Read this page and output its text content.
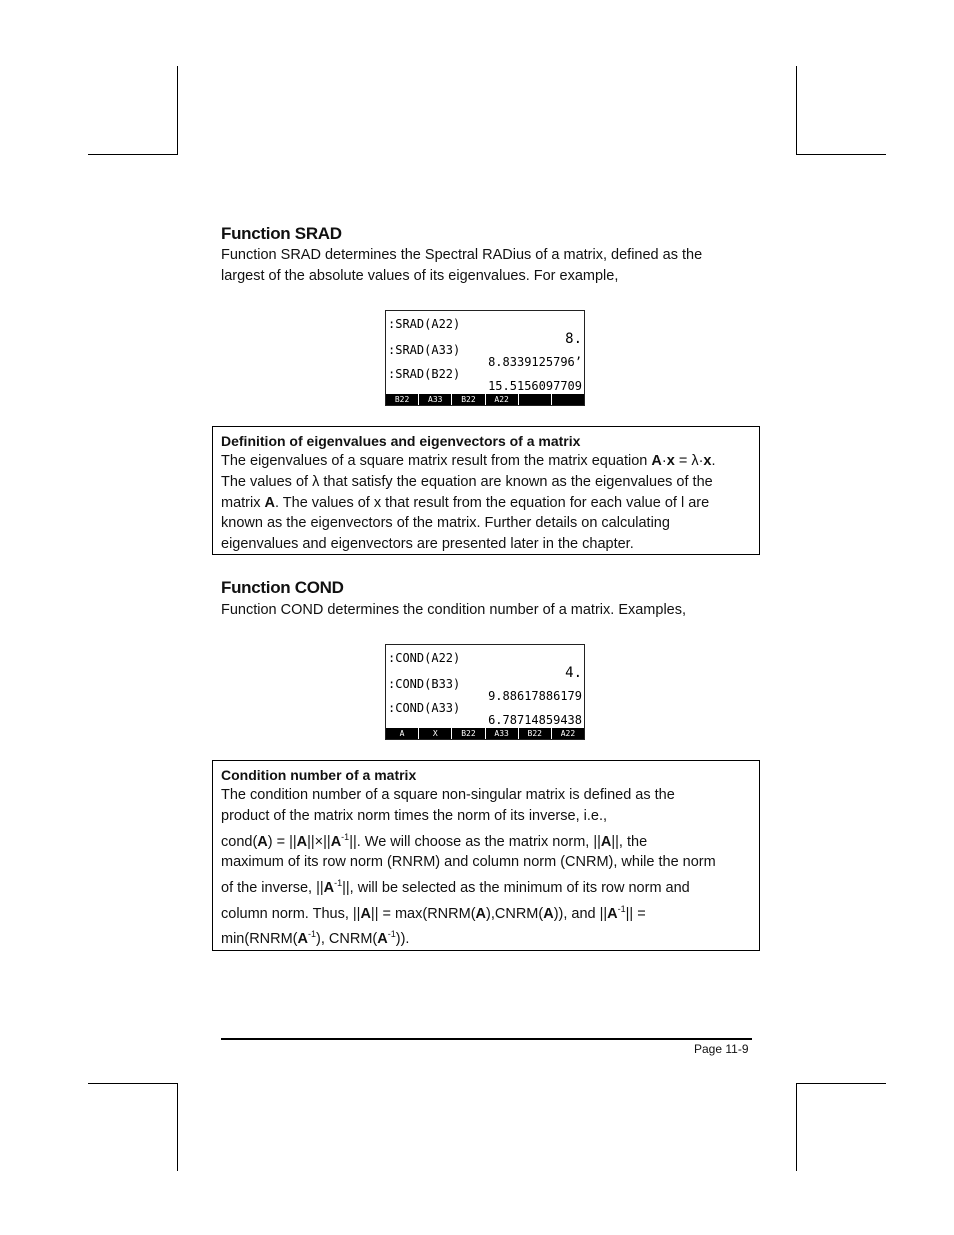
Function SRAD

Function SRAD determines the Spectral RADius of a matrix, defined as the

largest of the absolute values of its eigenvalues. For example,

:SRAD(A22)
8.
:SRAD(A33)
8.8339125796’
:SRAD(B22)
15.5156097709
B22	A33	B22	A22
Definition of eigenvalues and eigenvectors of a matrix
The eigenvalues of a square matrix result from the matrix equation A·x = λ·x.
The values of λ that satisfy the equation are known as the eigenvalues of the
matrix A. The values of x that result from the equation for each value of l are
known as the eigenvectors of the matrix. Further details on calculating
eigenvalues and eigenvectors are presented later in the chapter.
Function COND

Function COND determines the condition number of a matrix. Examples,

:COND(A22)
4.
:COND(B33)
9.88617886179
:COND(A33)
6.78714859438
A	X	B22	A33	B22	A22
Condition number of a matrix
The condition number of a square non-singular matrix is defined as the
product of the matrix norm times the norm of its inverse, i.e.,
cond(A) = $||A||\times||A^{-1}||$. We will choose as the matrix norm, ||A||, the
maximum of its row norm (RNRM) and column norm (CNRM), while the norm
of the inverse, $||A^{-1}||$, will be selected as the minimum of its row norm and
column norm. Thus, ||A|| = max(RNRM(A),CNRM(A)), and $||A^{-1}||$ =
$\min(RNRM(A^{-1})$, $CNRM(A^{-1})$).
Page 11-9
